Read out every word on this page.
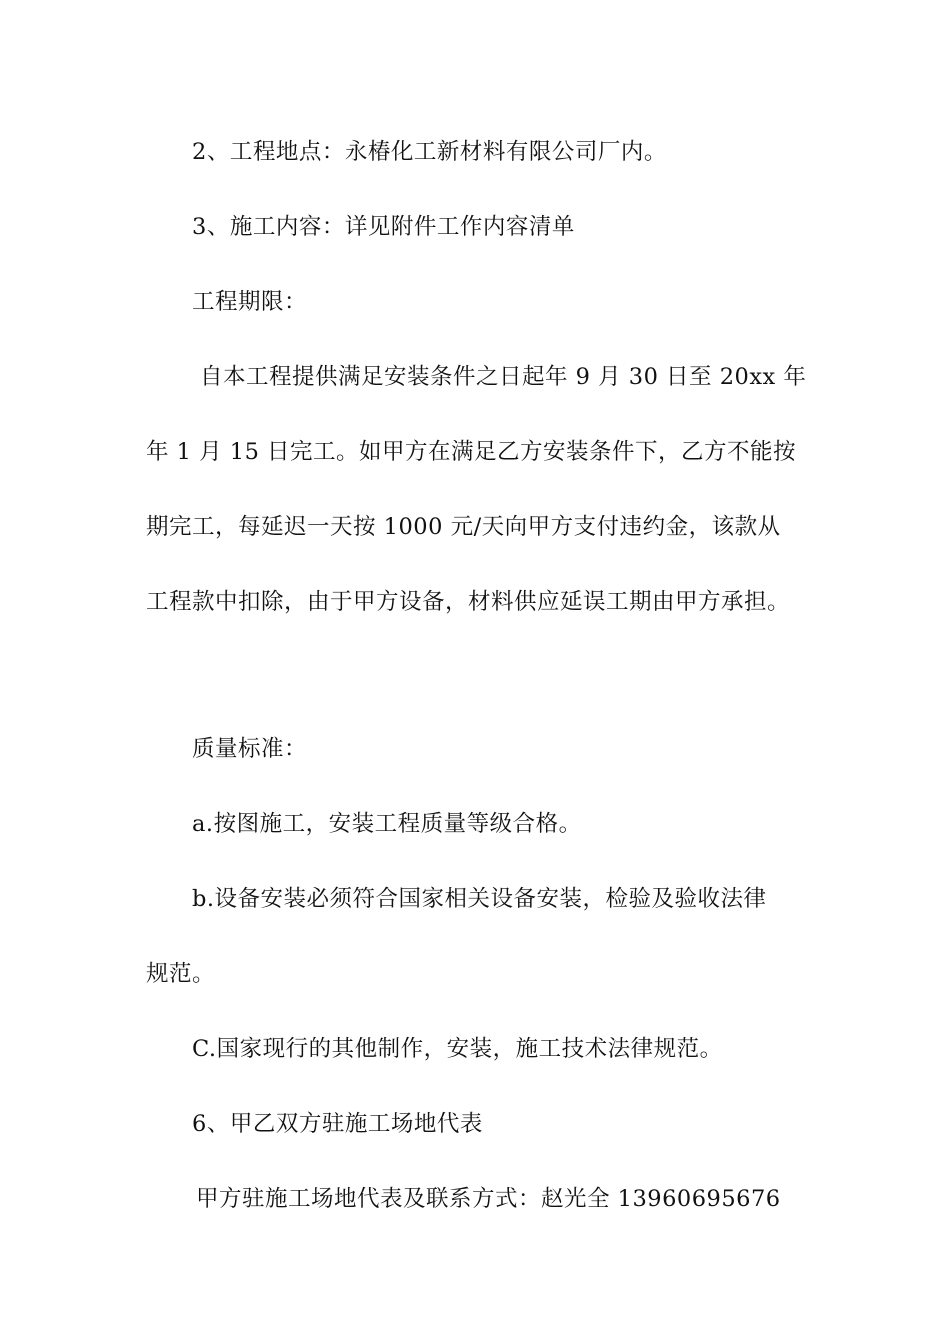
2、工程地点：永椿化工新材料有限公司厂内。
3、施工内容：详见附件工作内容清单
工程期限：
自本工程提供满足安装条件之日起年 9 月 30 日至 20xx 年
年 1 月 15 日完工。如甲方在满足乙方安装条件下，乙方不能按
期完工，每延迟一天按 1000 元/天向甲方支付违约金，该款从
工程款中扣除，由于甲方设备，材料供应延误工期由甲方承担。
质量标准：
a.按图施工，安装工程质量等级合格。
b.设备安装必须符合国家相关设备安装，检验及验收法律
规范。
C.国家现行的其他制作，安装，施工技术法律规范。
6、甲乙双方驻施工场地代表
甲方驻施工场地代表及联系方式：赵光全 13960695676
